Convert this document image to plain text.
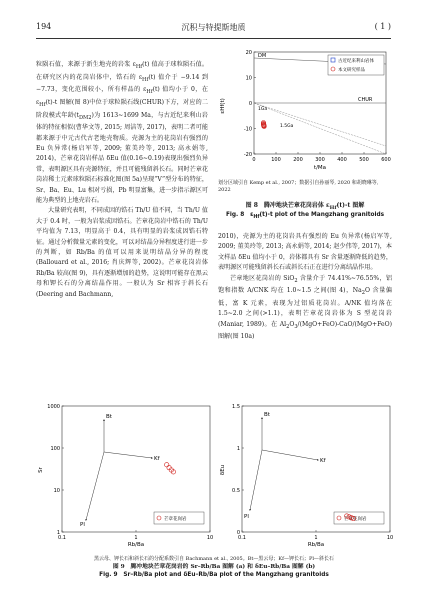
194	沉积与特提斯地质	( 1 )

粒陨石值，来源于新生地壳的岩浆 $\varepsilon_{Hf}(t)$ 值高于球粒陨石值。在研究区内的花岗岩体中，锆石的 $\varepsilon_{Hf}(t)$ 值介于 −9.14 到 −7.73，变化范围较小，所有样品的 $\varepsilon_{Hf}(t)$ 值均小于 0，在 $\varepsilon_{Hf}(t)-t$ 图解(图 8)中位于球粒陨石线(CHUR)下方，对应的二阶段模式年龄$(t_{DM2})$为 1613~1699 Ma，与古近纪来利山岩体的特征相似(曹华文等, 2015; 周洁等, 2017)，表明二者可能都来源于中元古代古老地壳物质。壳源为主的花岗岩有强烈的 Eu 负异常(杨启军等, 2009; 董美玲等, 2013; 高永娟等, 2014)，芒章花岗岩样品 δEu 值(0.16~0.19)表现出强烈负异常，表明源区具有壳源特征，并且可能残留斜长石。同时芒章花岗岩稀土元素球粒陨石标准化图(图 5a)呈现“V”型分布的特征，Sr、Ba、Eu、Lu 相对亏损，Pb 明显富集，进一步指示源区可能为典型的上地壳岩石。

大量研究表明，不同成因的锆石 Th/U 值不同，当 Th/U 值大于 0.4 时，一般为岩浆成因锆石。芒章花岗岩中锆石的 Th/U 平均值为 7.13，明显高于 0.4，具有明显的岩浆成因锆石特征。通过分析微量元素的变化，可以对结晶分异程度进行进一步的判断，如 Rb/Ba 的值可以用来说明结晶分异的程度(Ballouard et al., 2016; 肖庆辉等, 2002)。芒章花岗岩体 Rb/Ba 较高(图 9)，具有逐渐增加的趋势，这说明可能存在黑云母和钾长石的分离结晶作用。一般认为 Sr 相容于斜长石(Deering and Bachmann,

20
10
0
-10
-20
0	100 200 300 400 500 600
DM
CHUR
1Ga
1.5Ga
εHf(t)
t/Ma
古近纪来利山岩体
本文研究样品
划分区域引自 Kemp et al., 2007；数据引自孙丽琴, 2020 和胡晓琳等, 2022
图 8　腾冲地块芒章花岗岩体 $\varepsilon_{Hf}(t)-t$ 图解
Fig. 8　$\varepsilon_{Hf}(t)-t$ plot of the Mangzhang granitoids

2010)，壳源为主的花岗岩具有强烈的 Eu 负异常(杨启军等, 2009; 董美玲等, 2013; 高永娟等, 2014; 赵少伟等, 2017)，本文样品 δEu 值均小于 0，岩体都具有 Sr 含量逐渐降低的趋势，表明源区可能残留斜长石或斜长石正在进行分离结晶作用。

芒章地区花岗岩的 SiO$_2$ 含量介于 74.41%~76.55%，铝饱和指数 A/CNK 均在 1.0~1.5 之间(图 4)，$Na_2O$ 含量偏低，富 K 元素，表现为过铝质花岗岩。A/NK 值均落在 1.5~2.0 之间(>1.1)，表明芒章花岗岩体为 S 型花岗岩(Maniar, 1989)。在 $Al_2O_3/(MgO+FeO)-CaO/(MgO+FeO)$ 图解(图 10a)

1000
100
10
1
0.1	1	10
Bt
Kf
Pl
芒章花岗岩
Sr
Rb/Ba
1.5
1
0.5
0
0.1	1	10
Bt
Kf
Pl	芒章花岗岩
δEu
Rb/Ba
黑云母、钾长石和斜长石的分配系数引自 Bachmann et al., 2005。Bt—黑云母；Kf—钾长石；Pl—斜长石
图 9　腾冲地块芒章花岗岩的 Sr–Rb/Ba 图解 (a) 和 δEu–Rb/Ba 图解 (b)
Fig. 9　Sr–Rb/Ba plot and δEu–Rb/Ba plot of the Mangzhang granitoids
